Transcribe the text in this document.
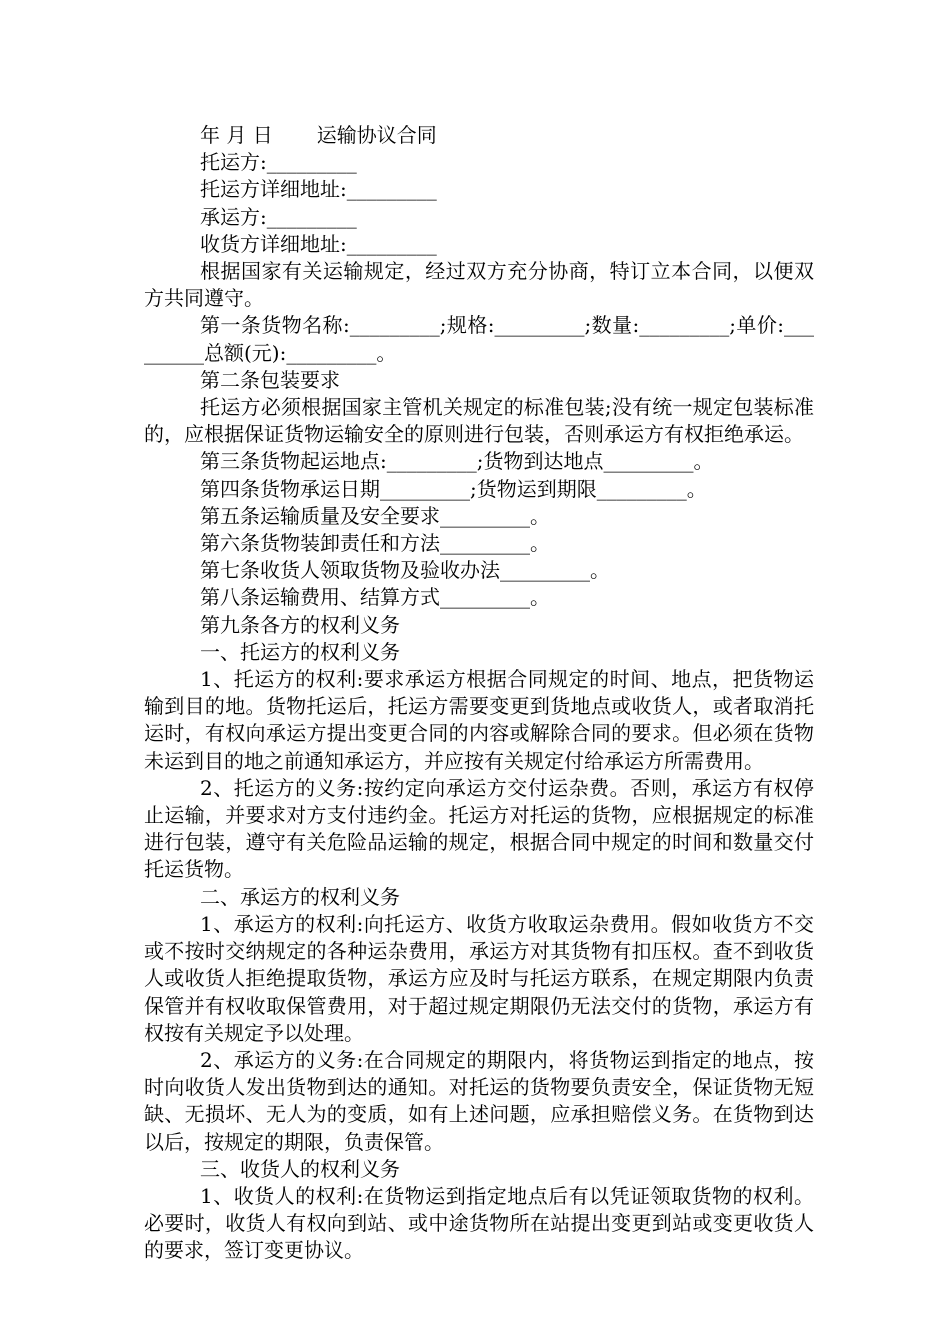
年 月 日 运输协议合同
托运方:_________
托运方详细地址:_________
承运方:_________
收货方详细地址:_________

根据国家有关运输规定，经过双方充分协商，特订立本合同，以便双方共同遵守。

第一条货物名称:_________;规格:_________;数量:_________;单价:_________总额(元):_________。

第二条包装要求

托运方必须根据国家主管机关规定的标准包装;没有统一规定包装标准的，应根据保证货物运输安全的原则进行包装，否则承运方有权拒绝承运。

第三条货物起运地点:_________;货物到达地点_________。
第四条货物承运日期_________;货物运到期限_________。
第五条运输质量及安全要求_________。
第六条货物装卸责任和方法_________。
第七条收货人领取货物及验收办法_________。
第八条运输费用、结算方式_________。
第九条各方的权利义务
一、托运方的权利义务

1、托运方的权利:要求承运方根据合同规定的时间、地点，把货物运输到目的地。货物托运后，托运方需要变更到货地点或收货人，或者取消托运时，有权向承运方提出变更合同的内容或解除合同的要求。但必须在货物未运到目的地之前通知承运方，并应按有关规定付给承运方所需费用。

2、托运方的义务:按约定向承运方交付运杂费。否则，承运方有权停止运输，并要求对方支付违约金。托运方对托运的货物，应根据规定的标准进行包装，遵守有关危险品运输的规定，根据合同中规定的时间和数量交付托运货物。

二、承运方的权利义务

1、承运方的权利:向托运方、收货方收取运杂费用。假如收货方不交或不按时交纳规定的各种运杂费用，承运方对其货物有扣压权。查不到收货人或收货人拒绝提取货物，承运方应及时与托运方联系，在规定期限内负责保管并有权收取保管费用，对于超过规定期限仍无法交付的货物，承运方有权按有关规定予以处理。

2、承运方的义务:在合同规定的期限内，将货物运到指定的地点，按时向收货人发出货物到达的通知。对托运的货物要负责安全，保证货物无短缺、无损坏、无人为的变质，如有上述问题，应承担赔偿义务。在货物到达以后，按规定的期限，负责保管。

三、收货人的权利义务

1、收货人的权利:在货物运到指定地点后有以凭证领取货物的权利。必要时，收货人有权向到站、或中途货物所在站提出变更到站或变更收货人的要求，签订变更协议。
